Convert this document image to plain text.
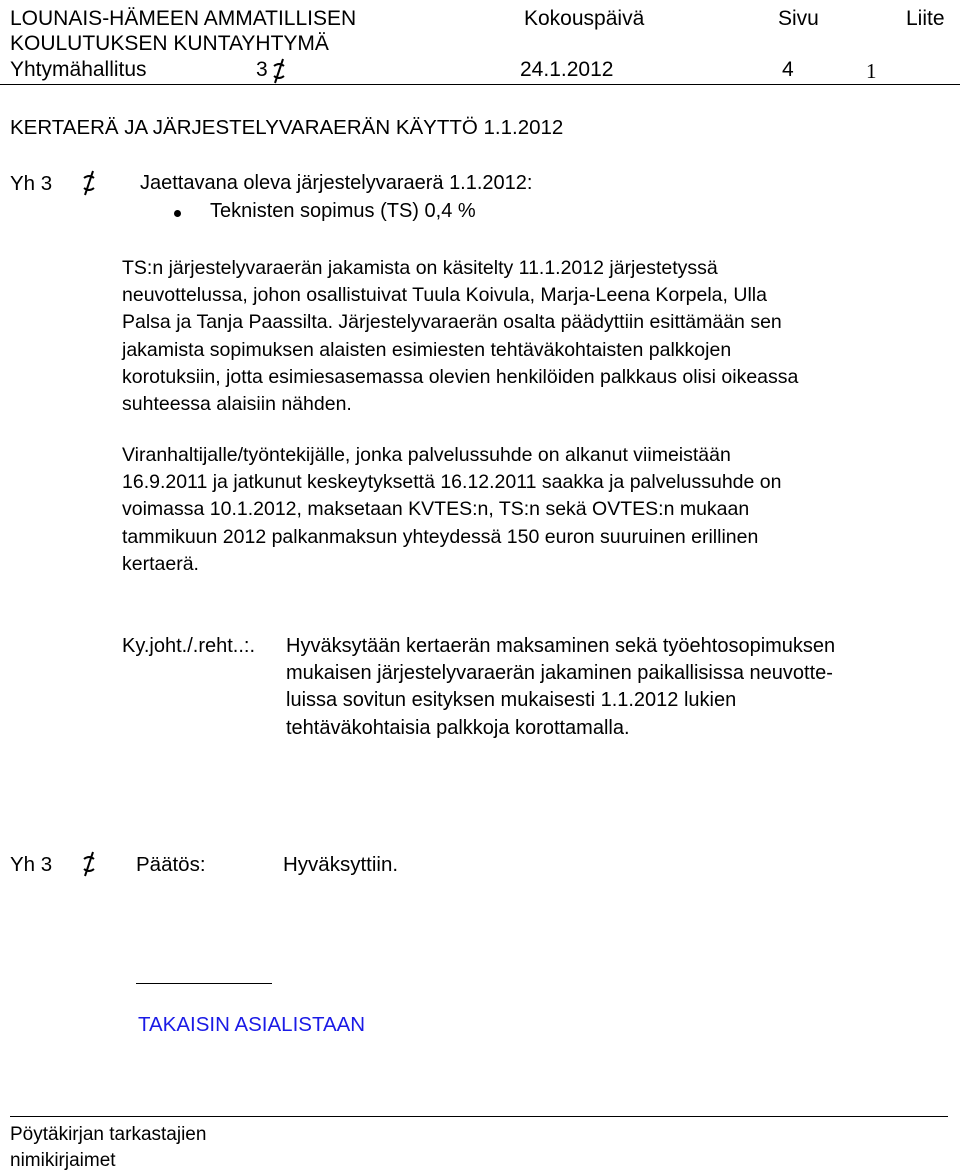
LOUNAIS-HÄMEEN AMMATILLISEN
KOULUTUKSEN KUNTAYHTYMÄ
Kokouspäivä	Sivu	Liite
Yhtymähallitus	3	24.1.2012	4	1
KERTAERÄ JA JÄRJESTELYVARAERÄN KÄYTTÖ 1.1.2012
Yh 3	Jaettavana oleva järjestelyvaraerä 1.1.2012:
Teknisten sopimus (TS) 0,4 %
TS:n järjestelyvaraerän jakamista on käsitelty 11.1.2012 järjestetyssä
neuvottelussa, johon osallistuivat Tuula Koivula, Marja-Leena Korpela, Ulla
Palsa ja Tanja Paassilta. Järjestelyvaraerän osalta päädyttiin esittämään sen
jakamista sopimuksen alaisten esimiesten tehtäväkohtaisten palkkojen
korotuksiin, jotta esimiesasemassa olevien henkilöiden palkkaus olisi oikeassa
suhteessa alaisiin nähden.
Viranhaltijalle/työntekijälle, jonka palvelussuhde on alkanut viimeistään
16.9.2011 ja jatkunut keskeytyksettä 16.12.2011 saakka ja palvelussuhde on
voimassa 10.1.2012, maksetaan KVTES:n, TS:n sekä OVTES:n mukaan
tammikuun 2012 palkanmaksun yhteydessä 150 euron suuruinen erillinen
kertaerä.
Ky.joht./.reht..:. Hyväksytään kertaerän maksaminen sekä työehtosopimuksen
mukaisen järjestelyvaraerän jakaminen paikallisissa neuvotte-
luissa sovitun esityksen mukaisesti 1.1.2012 lukien
tehtäväkohtaisia palkkoja korottamalla.
Yh 3	Päätös:	Hyväksyttiin.
TAKAISIN ASIALISTAAN
Pöytäkirjan tarkastajien
nimikirjaimet
